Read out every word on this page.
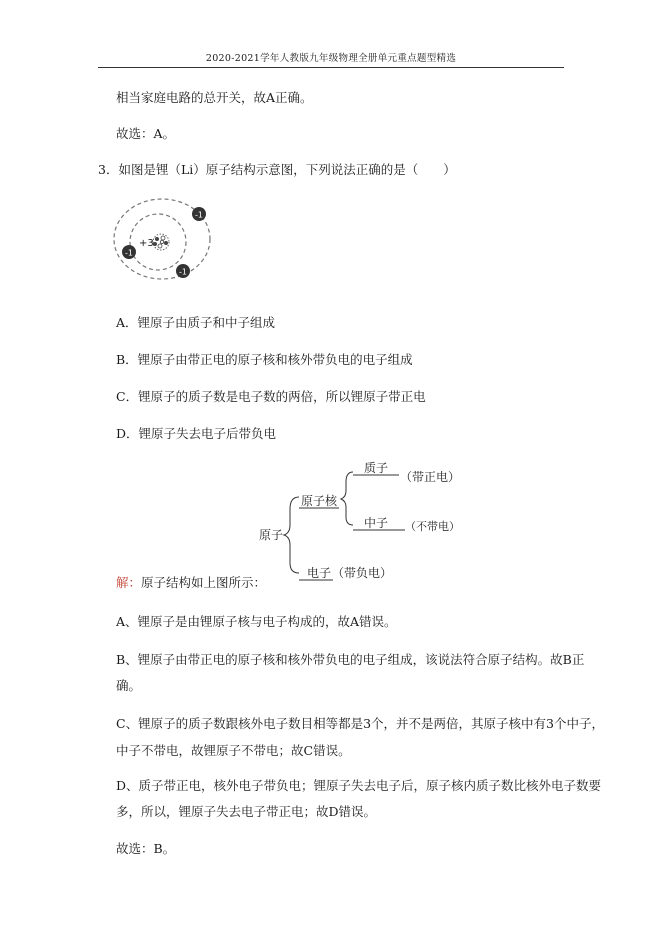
2020-2021学年人教版九年级物理全册单元重点题型精选
相当家庭电路的总开关，故A正确。
故选：A。
3．如图是锂（Li）原子结构示意图，下列说法正确的是（　　）
+3
-1
-1
-1
A．锂原子由质子和中子组成
B．锂原子由带正电的原子核和核外带负电的电子组成
C．锂原子的质子数是电子数的两倍，所以锂原子带正电
D．锂原子失去电子后带负电
原子
原子核
质子
（带正电）
中子 （不带电）
电子 （带负电）
解：原子结构如上图所示：
A、锂原子是由锂原子核与电子构成的，故A错误。
B、锂原子由带正电的原子核和核外带负电的电子组成，该说法符合原子结构。故B正
确。
C、锂原子的质子数跟核外电子数目相等都是3个，并不是两倍，其原子核中有3个中子，
中子不带电，故锂原子不带电；故C错误。
D、质子带正电，核外电子带负电；锂原子失去电子后，原子核内质子数比核外电子数要
多，所以，锂原子失去电子带正电；故D错误。
故选：B。
